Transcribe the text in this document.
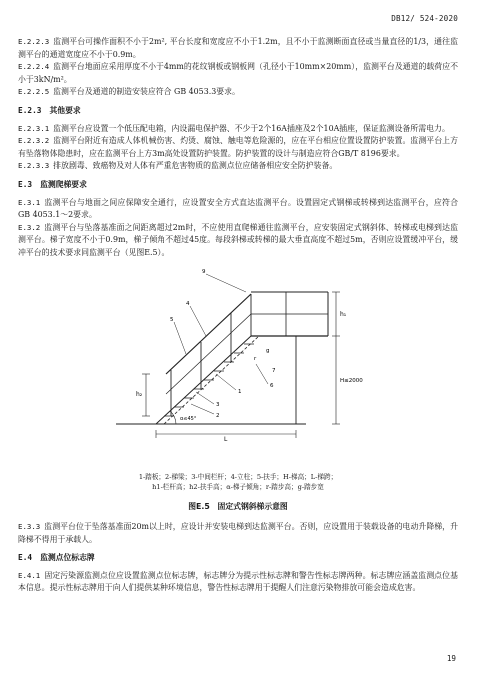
DB12/ 524-2020

E.2.2.3 监测平台可操作面积不小于2m², 平台长度和宽度应不小于1.2m，且不小于监测断面直径或当量直径的1/3，通往监测平台的通道宽度应不小于0.9m。

E.2.2.4 监测平台地面应采用厚度不小于4mm的花纹钢板或钢板网（孔径小于10mm×20mm），监测平台及通道的载荷应不小于3kN/m²。

E.2.2.5 监测平台及通道的制造安装应符合 GB 4053.3要求。

E.2.3 其他要求

E.2.3.1 监测平台应设置一个低压配电箱，内设漏电保护器、不少于2个16A插座及2个10A插座，保证监测设备所需电力。

E.2.3.2 监测平台附近有造成人体机械伤害、灼烫、腐蚀、触电等危险源的，应在平台相应位置设置防护装置。监测平台上方有坠落物体隐患时，应在监测平台上方3m高处设置防护装置。防护装置的设计与制造应符合GB/T 8196要求。

E.2.3.3 排放剧毒、致癌物及对人体有严重危害物质的监测点位应储备相应安全防护装备。

E.3 监测爬梯要求

E.3.1 监测平台与地面之间应保障安全通行，应设置安全方式直达监测平台。设置固定式钢梯或转梯到达监测平台，应符合GB 4053.1～2要求。

E.3.2 监测平台与坠落基准面之间距离超过2m时，不应使用直爬梯通往监测平台，应安装固定式钢斜体、转梯或电梯到达监测平台。梯子宽度不小于0.9m，梯子倾角不超过45度。每段斜梯或转梯的最大垂直高度不超过5m，否则应设置缓冲平台，缓冲平台的技术要求同监测平台（见图E.5）。

H≤2000
h₁
h₂
L
α≤45°
r
g
9
4
5
3
2
1
6
7
1-踏板；2-梯梁；3-中间栏杆；4-立柱；5-扶手；H-梯高；L-梯跨；
h1-栏杆高；h2-扶手高；α-梯子倾角；r-踏步高；g-踏步宽
图E.5　固定式钢斜梯示意图

E.3.3 监测平台位于坠落基准面20m以上时，应设计并安装电梯到达监测平台。否则，应设置用于装载设备的电动升降梯，升降梯不得用于承载人。

E.4 监测点位标志牌

E.4.1 固定污染源监测点位应设置监测点位标志牌，标志牌分为提示性标志牌和警告性标志牌两种。标志牌应涵盖监测点位基本信息。提示性标志牌用于向人们提供某种环境信息，警告性标志牌用于提醒人们注意污染物排放可能会造成危害。

19
